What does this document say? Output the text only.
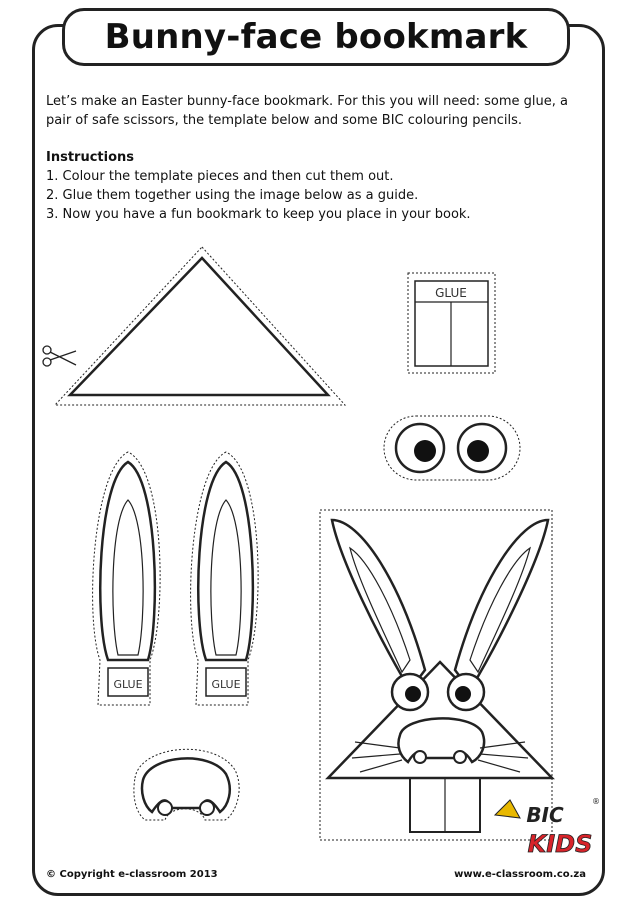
Bunny-face bookmark

Let’s make an Easter bunny-face bookmark. For this you will need: some glue, a pair of safe scissors, the template below and some BIC colouring pencils.

Instructions

1. Colour the template pieces and then cut them out.

2. Glue them together using the image below as a guide.

3. Now you have a fun bookmark to keep you place in your book.

GLUE
GLUE	GLUE
BIC
KIDS
®
© Copyright e-classroom 2013	www.e-classroom.co.za
